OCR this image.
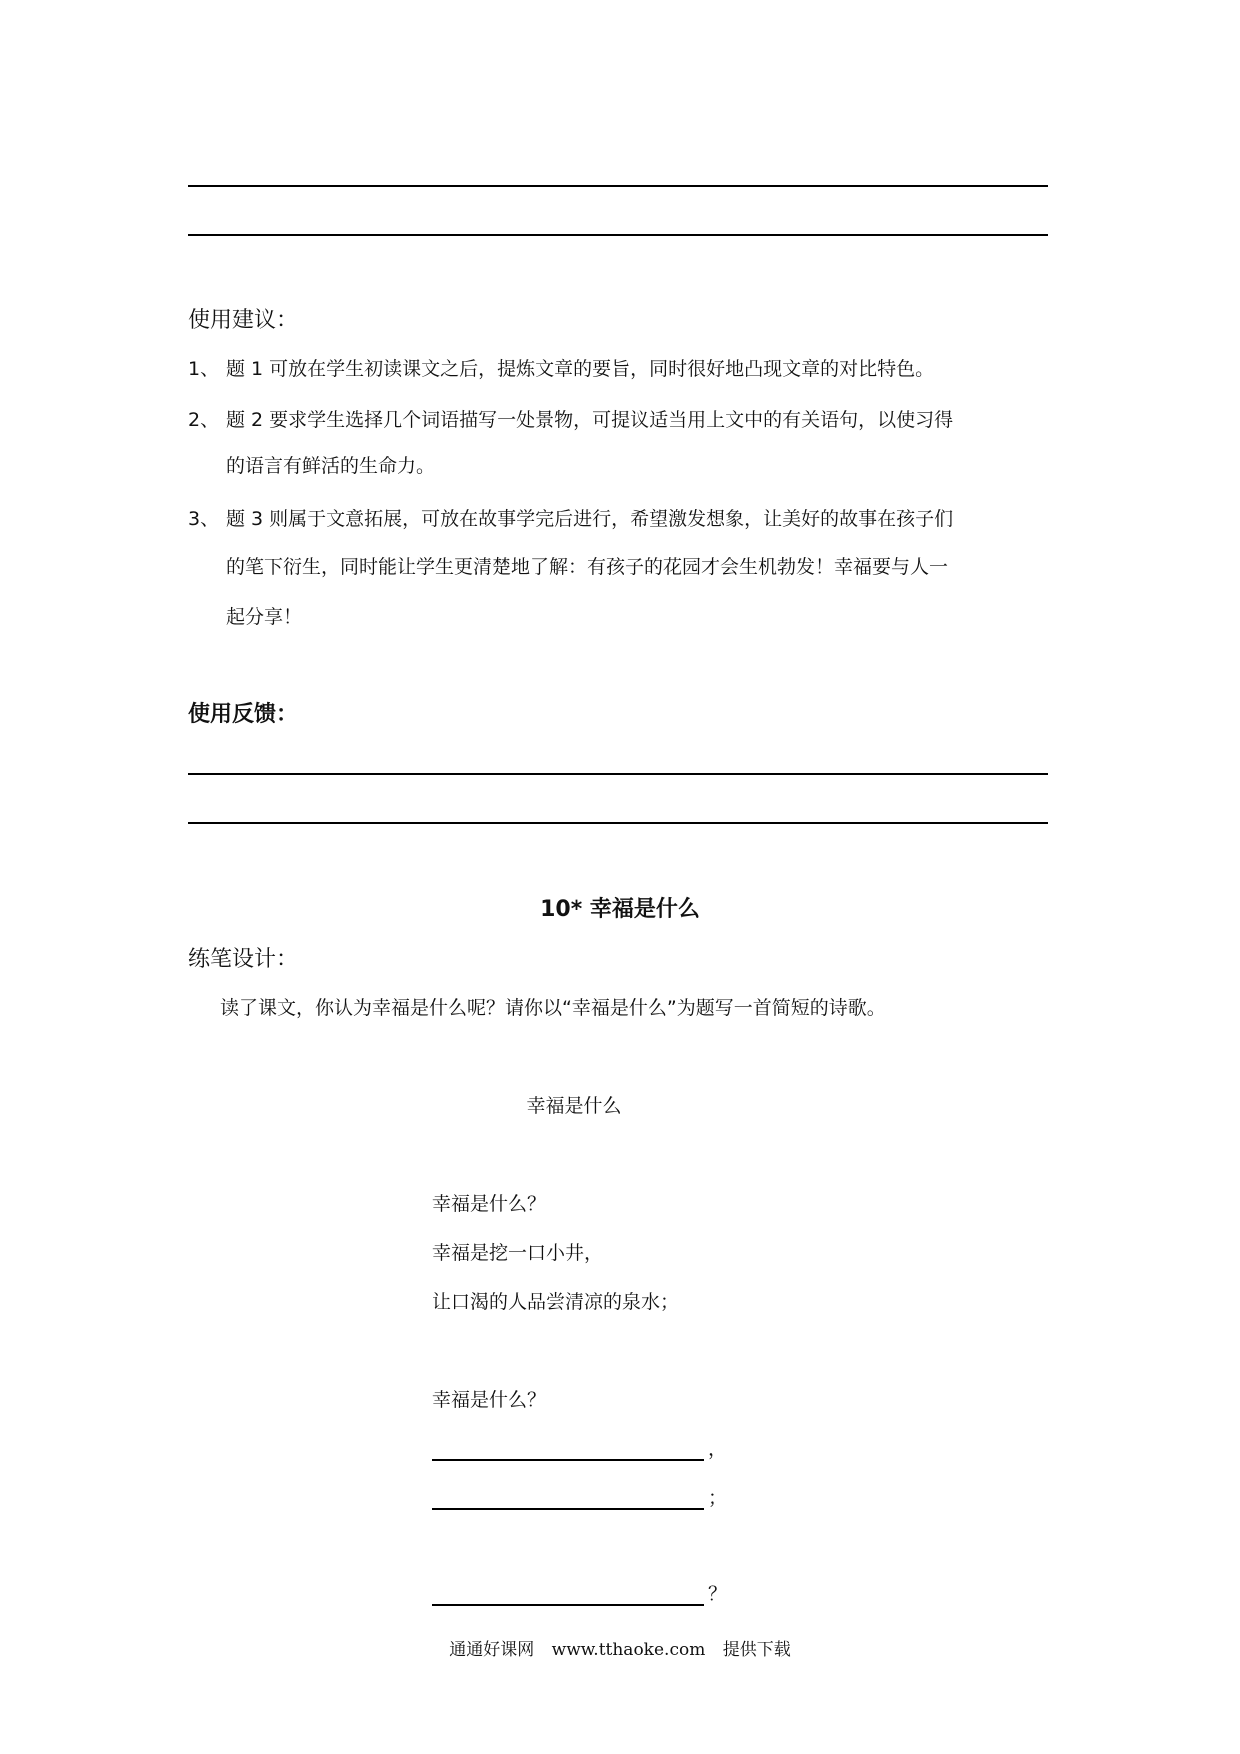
使用建议：
1、 题 1 可放在学生初读课文之后，提炼文章的要旨，同时很好地凸现文章的对比特色。
2、 题 2 要求学生选择几个词语描写一处景物，可提议适当用上文中的有关语句，以使习得
的语言有鲜活的生命力。
3、 题 3 则属于文意拓展，可放在故事学完后进行，希望激发想象，让美好的故事在孩子们
的笔下衍生，同时能让学生更清楚地了解：有孩子的花园才会生机勃发！幸福要与人一
起分享！
使用反馈：
10* 幸福是什么
练笔设计：
读了课文，你认为幸福是什么呢？请你以“幸福是什么”为题写一首简短的诗歌。
幸福是什么
幸福是什么？
幸福是挖一口小井，
让口渴的人品尝清凉的泉水；
幸福是什么？
，
；
？
通通好课网 www.tthaoke.com 提供下载
